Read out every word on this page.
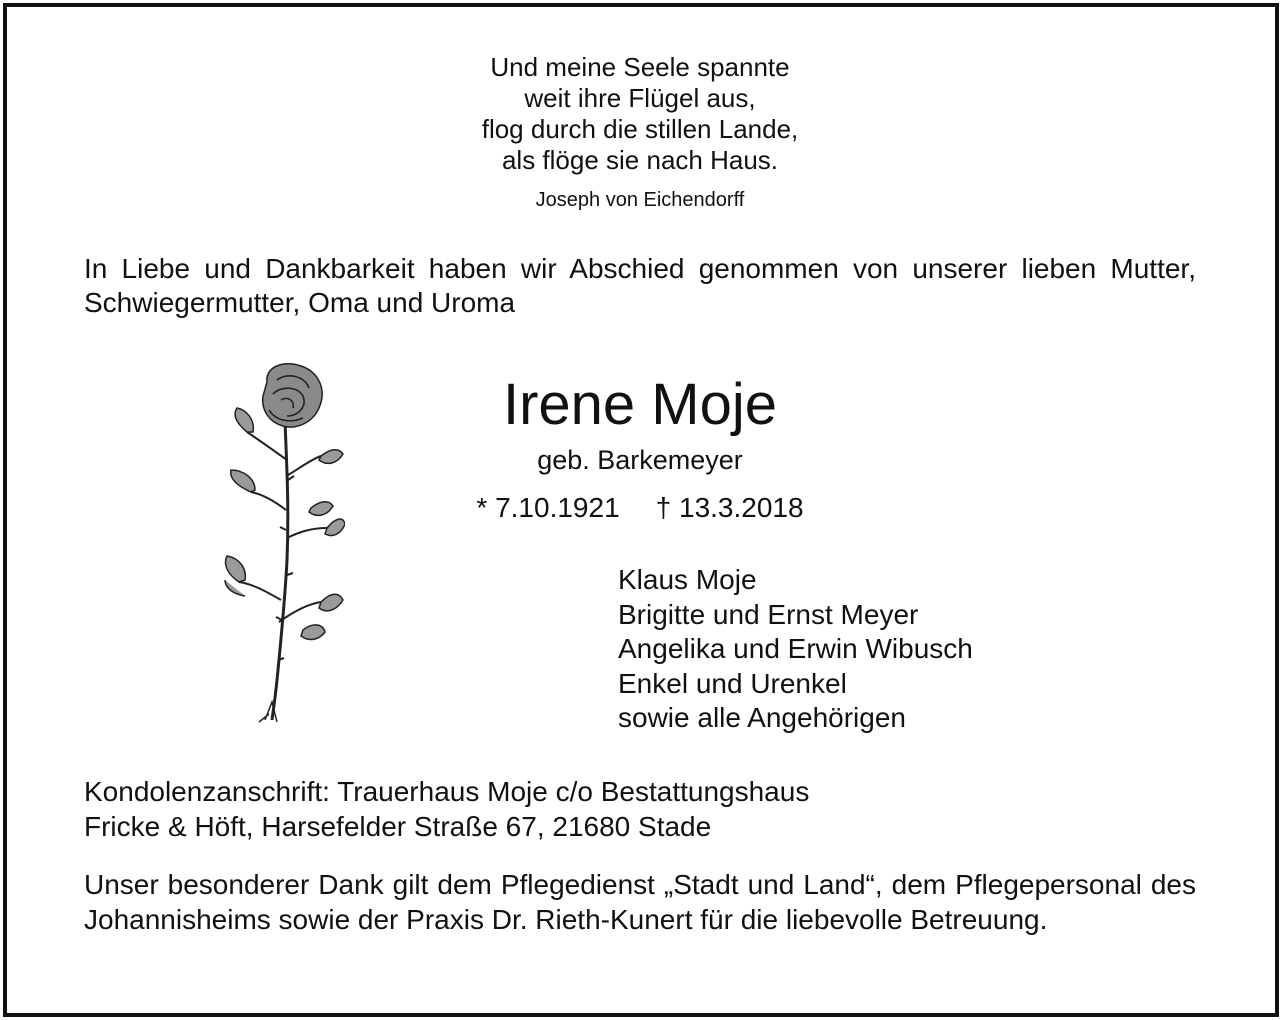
Und meine Seele spannte
weit ihre Flügel aus,
flog durch die stillen Lande,
als flöge sie nach Haus.
Joseph von Eichendorff
In Liebe und Dankbarkeit haben wir Abschied genommen von unserer lieben Mutter, Schwiegermutter, Oma und Uroma
Irene Moje
geb. Barkemeyer
* 7.10.1921 † 13.3.2018
Klaus Moje
Brigitte und Ernst Meyer
Angelika und Erwin Wibusch
Enkel und Urenkel
sowie alle Angehörigen
Kondolenzanschrift: Trauerhaus Moje c/o Bestattungshaus
Fricke & Höft, Harsefelder Straße 67, 21680 Stade
Unser besonderer Dank gilt dem Pflegedienst „Stadt und Land“, dem Pflegepersonal des Johannisheims sowie der Praxis Dr. Rieth-Kunert für die liebevolle Betreuung.
